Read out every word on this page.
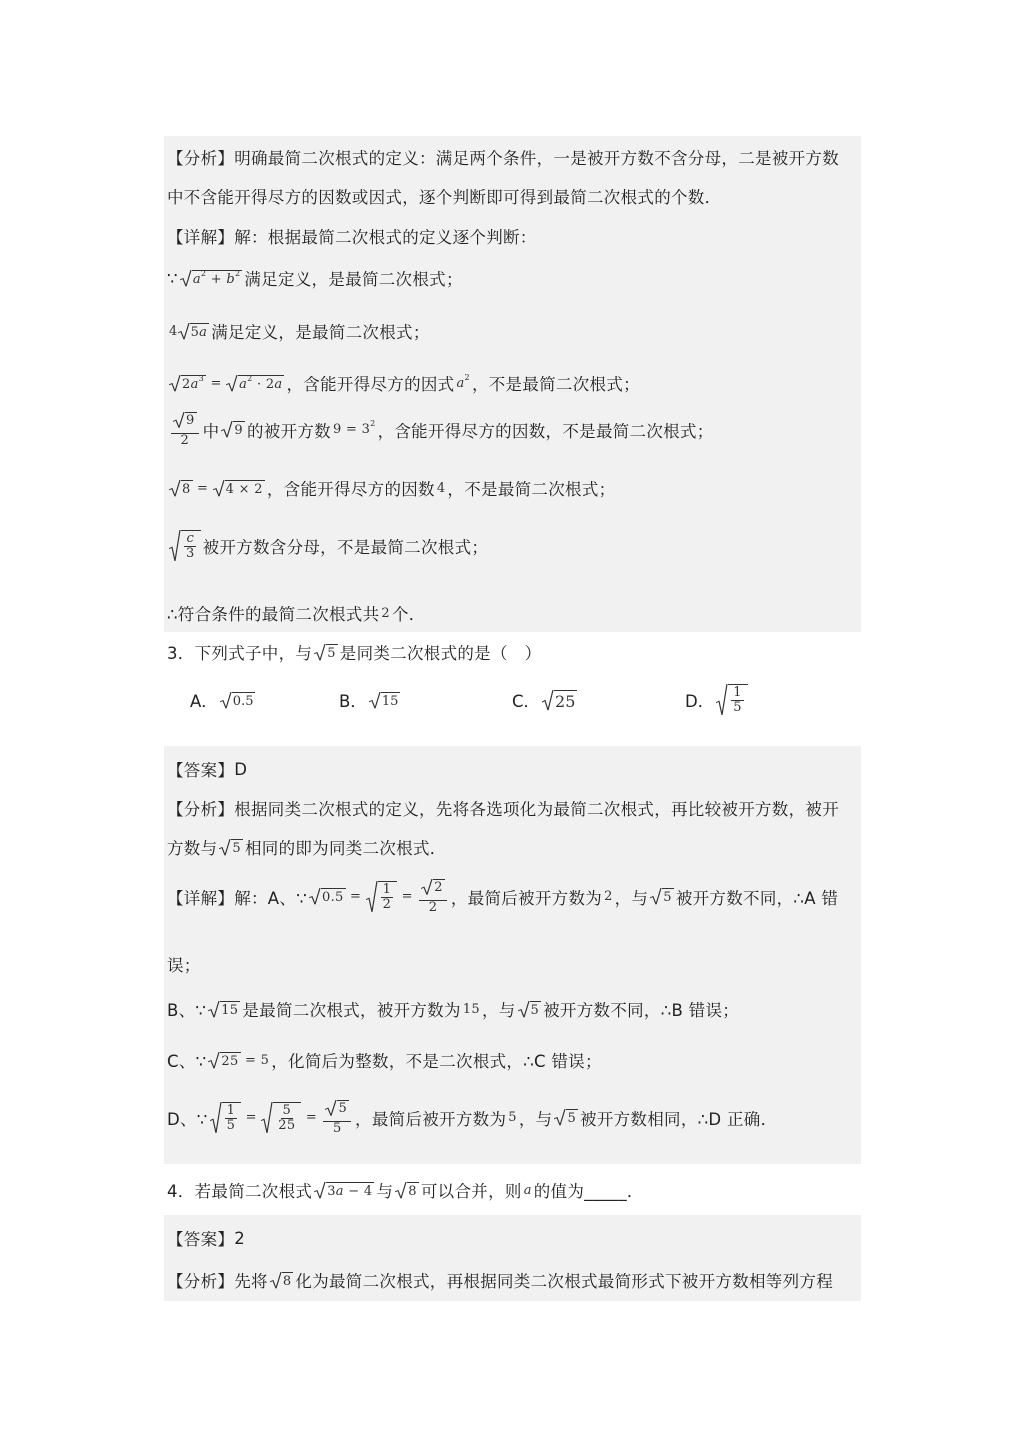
【分析】 明确最简二次根式的定义：满足两个条件，一是被开方数不含分母，二是被开方数
中不含能开得尽方的因数或因式，逐个判断即可得到最简二次根式的个数．
【详解】 解：根据最简二次根式的定义逐个判断：
∵ a 2 + b 2 满足定义，是最简二次根式；
4 5 a 满足定义，是最简二次根式；
2 a 3 = a 2 · 2 a ，含能开得尽方的因式 a 2 ，不是最简二次根式；
$\frac{9}{2}$ 中 9 的被开方数 9 = 3 2 ，含能开得尽方的因数，不是最简二次根式；
8 = 4 × 2 ，含能开得尽方的因数 4 ，不是最简二次根式；
$\frac{c}{3}$ 被开方数含分母，不是最简二次根式；
∴符合条件的最简二次根式共 2 个．
3．下列式子中，与 5 是同类二次根式的是（　）
A． 0.5	B． 15	C． 25	D． $\frac{1}{5}$
【答案】 D
【分析】 根据同类二次根式的定义，先将各选项化为最简二次根式，再比较被开方数，被开
方数与 5 相同的即为同类二次根式．
【详解】 解：A、∵ $0.5 = \frac{1}{2} = \frac{2}{2}$ ，最简后被开方数为 2 ，与 5 被开方数不同，∴A 错
误；
B、∵ 15 是最简二次根式，被开方数为 15 ，与 5 被开方数不同，∴B 错误；
C、∵ 25 = 5 ，化简后为整数，不是二次根式，∴C 错误；
D、∵ $\frac{1}{5} = \frac{5}{25} = \frac{5}{5}$ ，最简后被开方数为 5 ，与 5 被开方数相同，∴D 正确．
4．若最简二次根式 3 a − 4 与 8 可以合并，则 a 的值为_____．
【答案】 2
【分析】 先将 8 化为最简二次根式，再根据同类二次根式最简形式下被开方数相等列方程
